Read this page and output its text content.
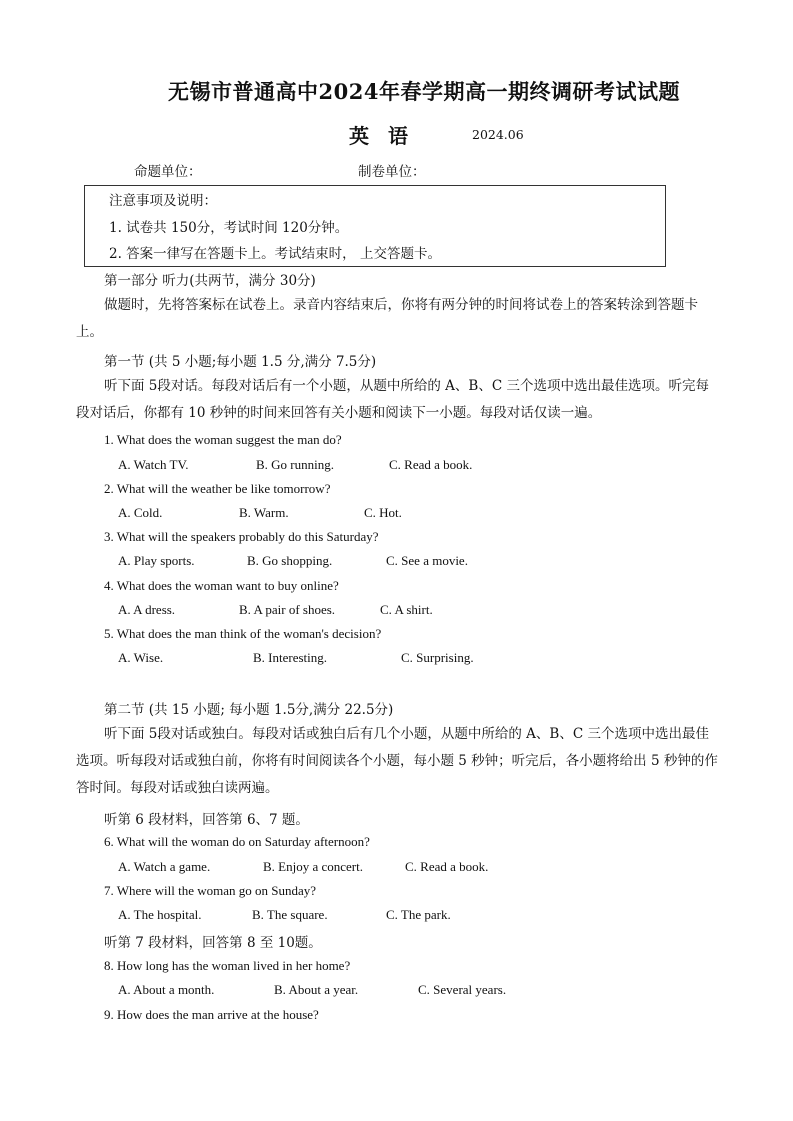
无锡市普通高中2024年春学期高一期终调研考试试题
英 语	2024.06
命题单位：	制卷单位：
注意事项及说明：
1. 试卷共 150分，考试时间 120分钟。
2. 答案一律写在答题卡上。考试结束时， 上交答题卡。
第一部分 听力(共两节，满分 30分)
做题时，先将答案标在试卷上。录音内容结束后，你将有两分钟的时间将试卷上的答案转涂到答题卡上。
第一节 (共 5 小题;每小题 1.5 分,满分 7.5分)
听下面 5段对话。每段对话后有一个小题，从题中所给的 A、B、C 三个选项中选出最佳选项。听完每段对话后，你都有 10 秒钟的时间来回答有关小题和阅读下一小题。每段对话仅读一遍。
1. What does the woman suggest the man do?
A. Watch TV.	B. Go running.	C. Read a book.
2. What will the weather be like tomorrow?
A. Cold.	B. Warm.	C. Hot.
3. What will the speakers probably do this Saturday?
A. Play sports.	B. Go shopping.	C. See a movie.
4. What does the woman want to buy online?
A. A dress.	B. A pair of shoes.	C. A shirt.
5. What does the man think of the woman's decision?
A. Wise.	B. Interesting.	C. Surprising.
第二节 (共 15 小题; 每小题 1.5分,满分 22.5分)
听下面 5段对话或独白。每段对话或独白后有几个小题，从题中所给的 A、B、C 三个选项中选出最佳选项。听每段对话或独白前，你将有时间阅读各个小题，每小题 5 秒钟；听完后，各小题将给出 5 秒钟的作答时间。每段对话或独白读两遍。
听第 6 段材料，回答第 6、7 题。
6. What will the woman do on Saturday afternoon?
A. Watch a game.	B. Enjoy a concert.	C. Read a book.
7. Where will the woman go on Sunday?
A. The hospital.	B. The square.	C. The park.
听第 7 段材料，回答第 8 至 10题。
8. How long has the woman lived in her home?
A. About a month.	B. About a year.	C. Several years.
9. How does the man arrive at the house?
